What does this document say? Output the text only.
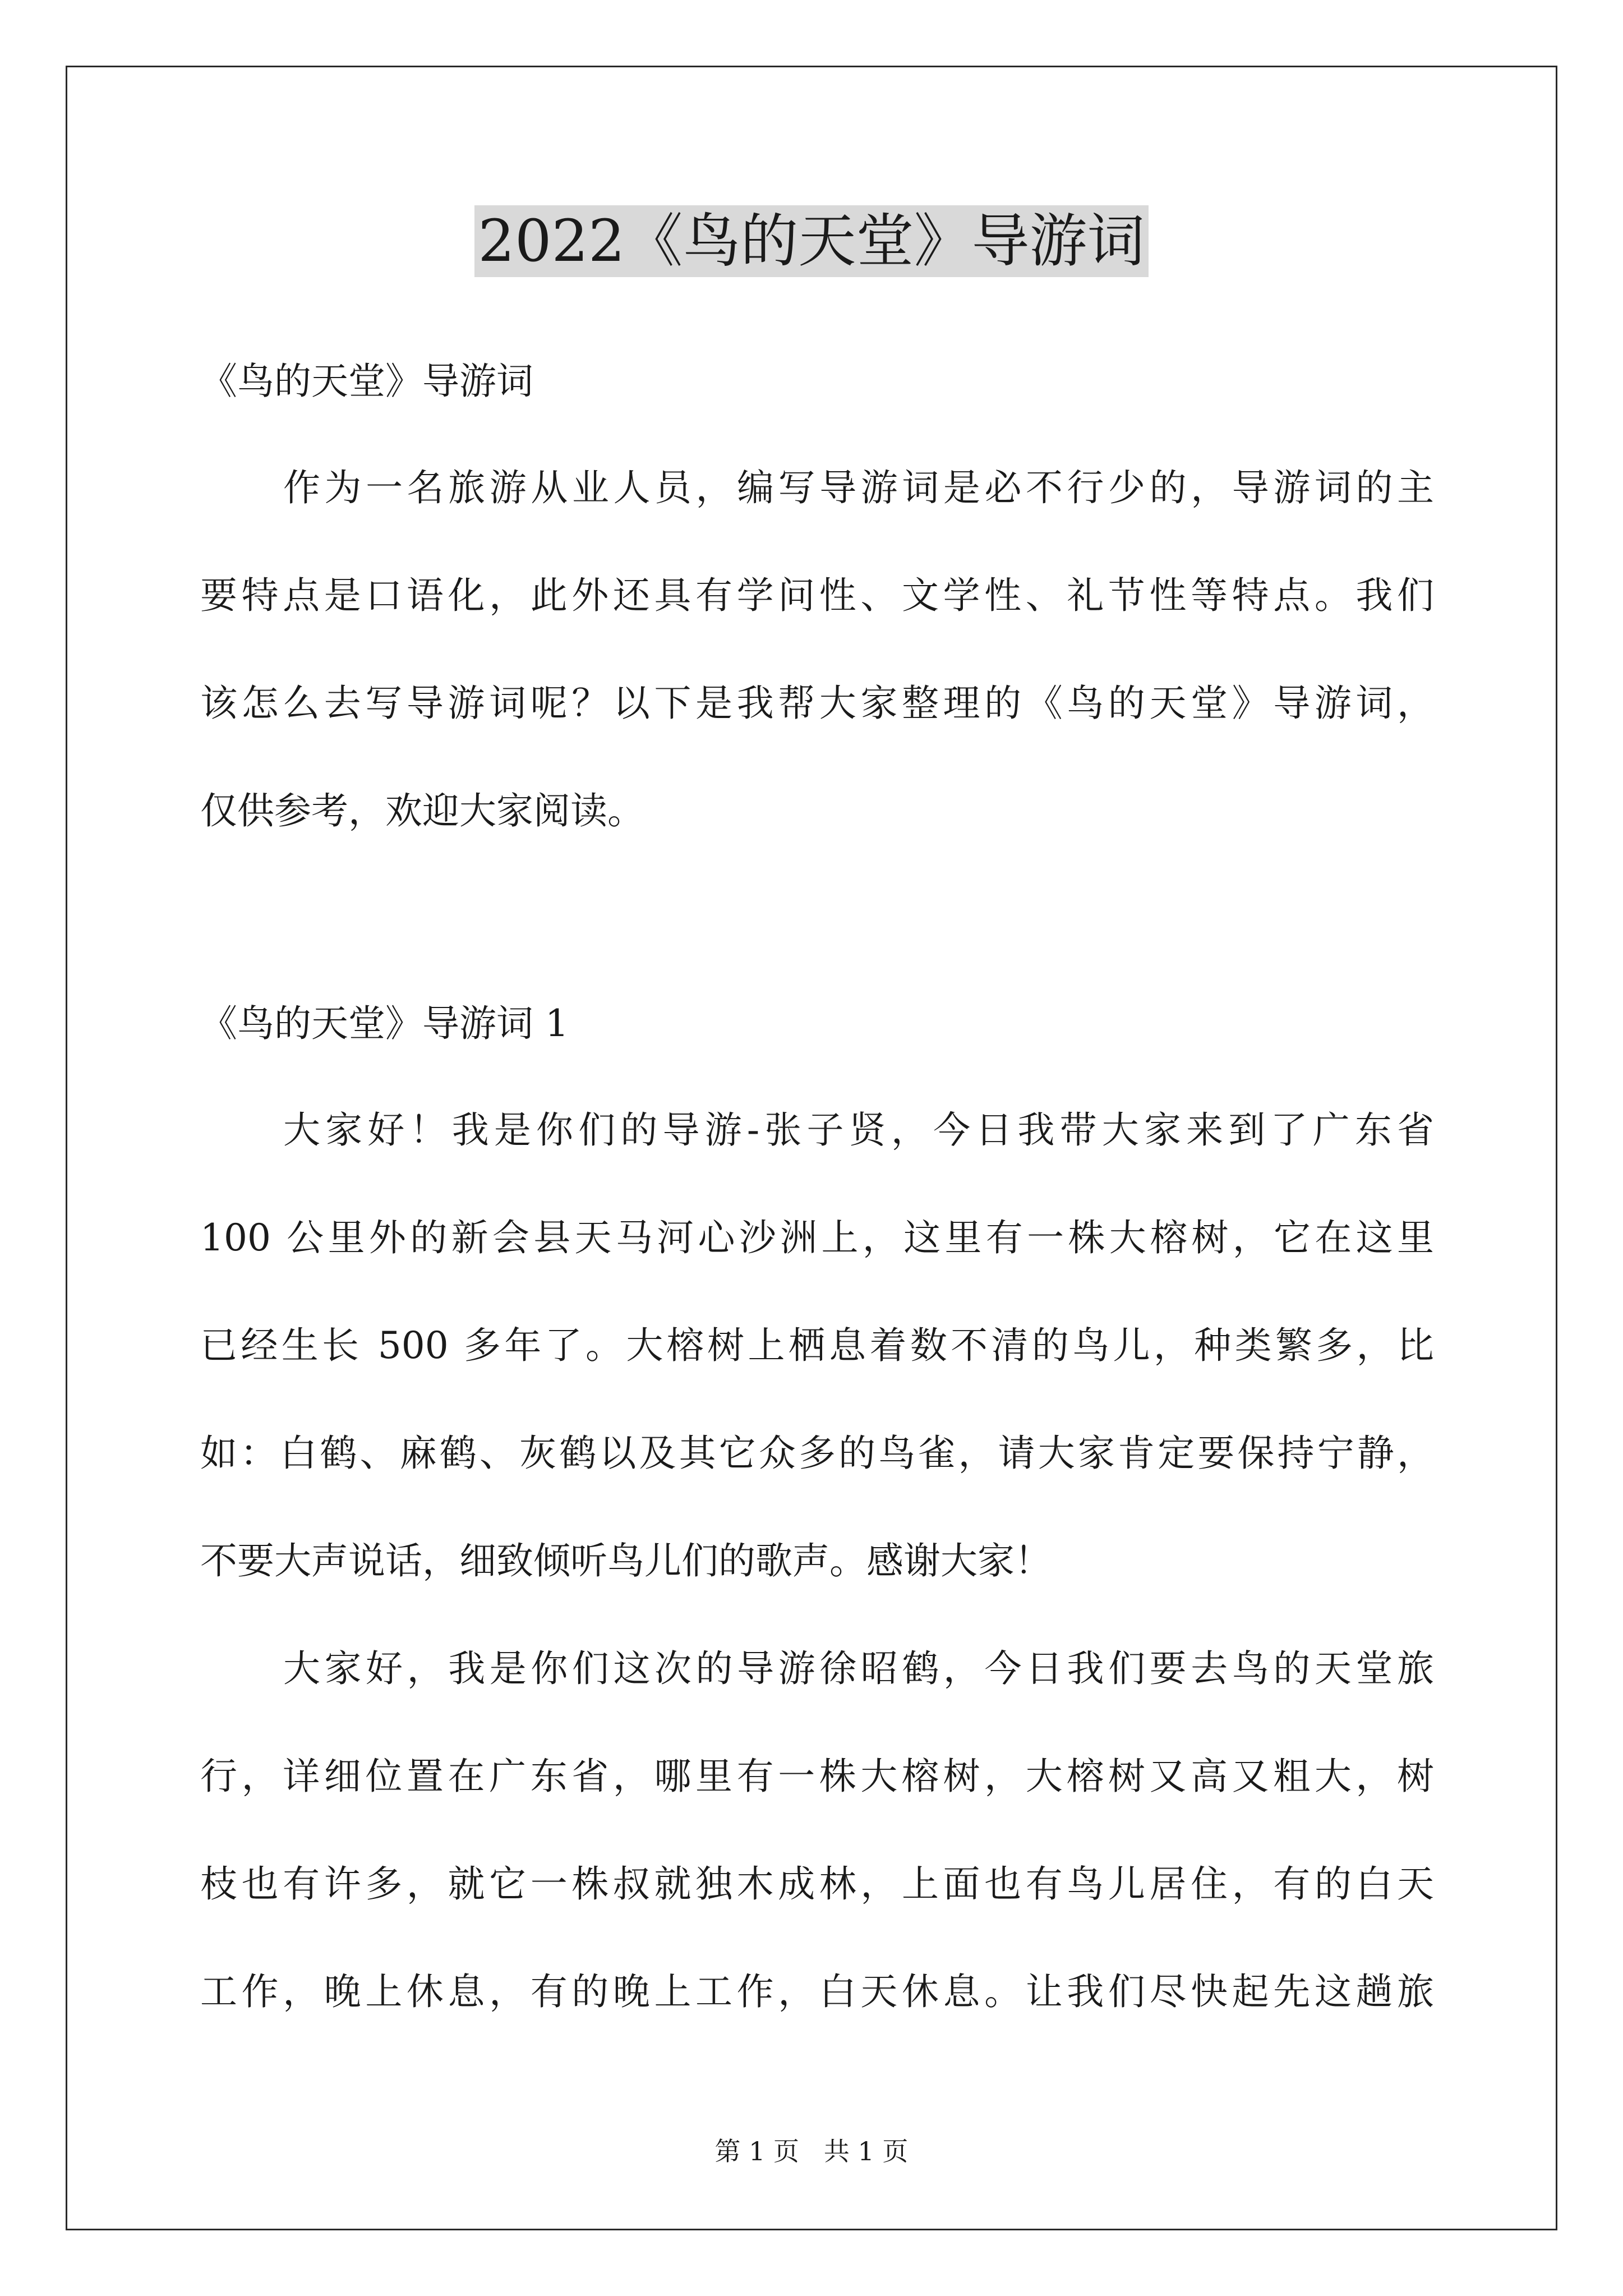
2022《鸟的天堂》导游词
《鸟的天堂》导游词
作为一名旅游从业人员，编写导游词是必不行少的，导游词的主
要特点是口语化，此外还具有学问性、文学性、礼节性等特点。我们
该怎么去写导游词呢？以下是我帮大家整理的《鸟的天堂》导游词，
仅供参考，欢迎大家阅读。
《鸟的天堂》导游词 1
大家好！我是你们的导游-张子贤，今日我带大家来到了广东省
100 公里外的新会县天马河心沙洲上，这里有一株大榕树，它在这里
已经生长 500 多年了。大榕树上栖息着数不清的鸟儿，种类繁多，比
如：白鹤、麻鹤、灰鹤以及其它众多的鸟雀，请大家肯定要保持宁静，
不要大声说话，细致倾听鸟儿们的歌声。感谢大家！
大家好，我是你们这次的导游徐昭鹤，今日我们要去鸟的天堂旅
行，详细位置在广东省，哪里有一株大榕树，大榕树又高又粗大，树
枝也有许多，就它一株叔就独木成林，上面也有鸟儿居住，有的白天
工作，晚上休息，有的晚上工作，白天休息。让我们尽快起先这趟旅
第 1 页   共 1 页
